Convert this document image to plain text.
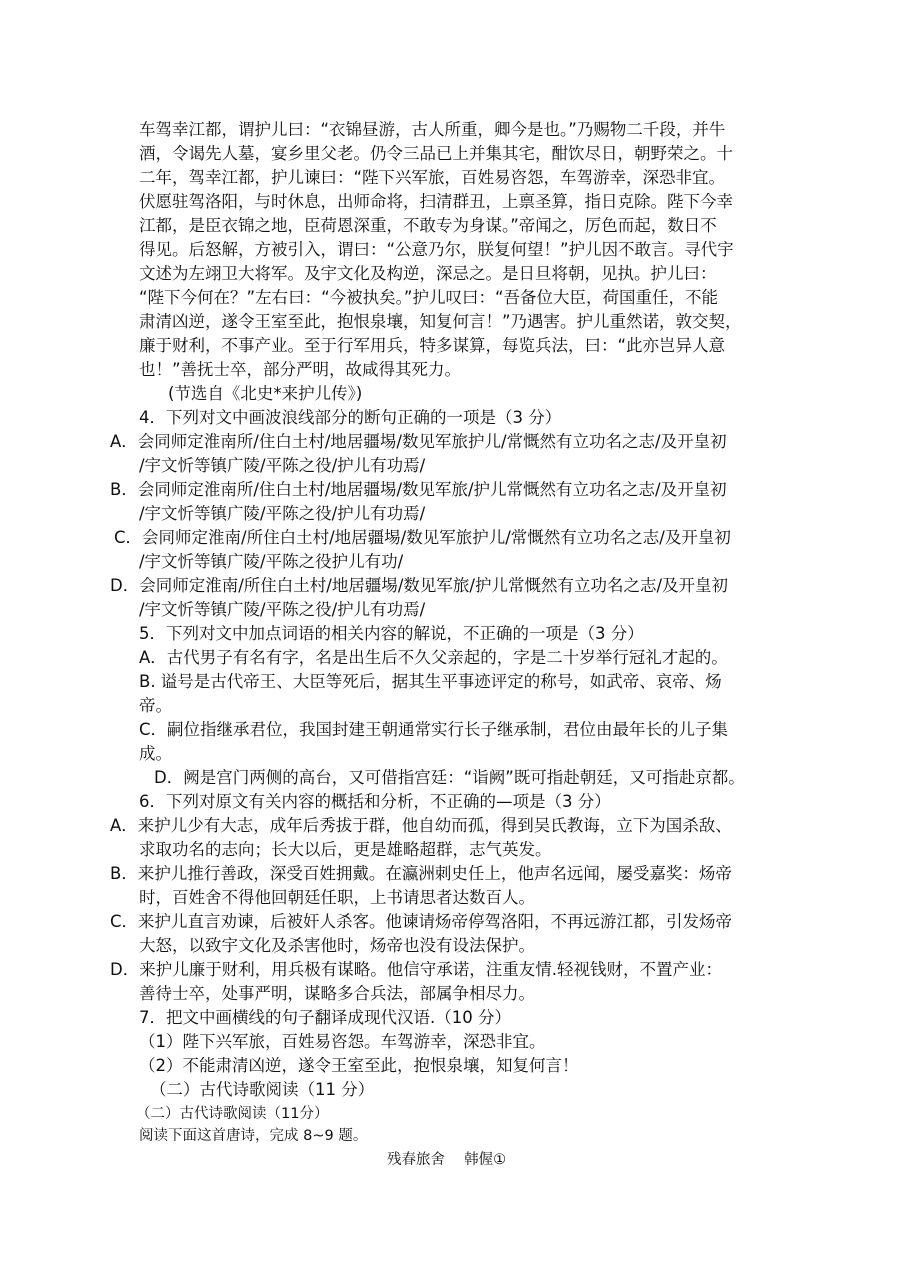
车驾幸江都，谓护儿曰：“衣锦昼游，古人所重，卿今是也。”乃赐物二千段，并牛
酒，令谒先人墓，宴乡里父老。仍令三品已上并集其宅，酣饮尽日，朝野荣之。十
二年，驾幸江都，护儿谏曰：“陛下兴军旅，百姓易咨怨，车驾游幸，深恐非宜。
伏愿驻驾洛阳，与时休息，出师命将，扫清群丑，上禀圣算，指日克除。陛下今幸
江都，是臣衣锦之地，臣荷恩深重，不敢专为身谋。”帝闻之，厉色而起，数日不
得见。后怒解，方被引入，谓曰：“公意乃尔，朕复何望！”护儿因不敢言。寻代宇
文述为左翊卫大将军。及宇文化及构逆，深忌之。是日旦将朝，见执。护儿曰：
“陛下今何在？”左右曰：“今被执矣。”护儿叹曰：“吾备位大臣，荷国重任，不能
肃清凶逆，遂令王室至此，抱恨泉壤，知复何言！”乃遇害。护儿重然诺，敦交契，
廉于财利，不事产业。至于行军用兵，特多谋算，每览兵法，曰：“此亦岂异人意
也！”善抚士卒，部分严明，故咸得其死力。
(节选自《北史*来护儿传》)
4．下列对文中画波浪线部分的断句正确的一项是（3 分）
A．会同师定淮南所/住白土村/地居疆埸/数见军旅护儿/常慨然有立功名之志/及开皇初
/宇文忻等镇广陵/平陈之役/护儿有功焉/
B．会同师定淮南所/住白土村/地居疆埸/数见军旅/护儿常慨然有立功名之志/及开皇初
/宇文忻等镇广陵/平陈之役/护儿有功焉/
C．会同师定淮南/所住白土村/地居疆埸/数见军旅护儿/常慨然有立功名之志/及开皇初
/宇文忻等镇广陵/平陈之役护儿有功/
D．会同师定淮南/所住白土村/地居疆埸/数见军旅/护儿常慨然有立功名之志/及开皇初
/宇文忻等镇广陵/平陈之役/护儿有功焉/
5．下列对文中加点词语的相关内容的解说，不正确的一项是（3 分）
A．古代男子有名有字，名是出生后不久父亲起的，字是二十岁举行冠礼才起的。
B. 谥号是古代帝王、大臣等死后，据其生平事迹评定的称号，如武帝、哀帝、炀
帝。
C．嗣位指继承君位，我国封建王朝通常实行长子继承制，君位由最年长的儿子集
成。
D．阙是宫门两侧的高台，又可借指宫廷：“诣阙”既可指赴朝廷，又可指赴京都。
6．下列对原文有关内容的概括和分析，不正确的—项是（3 分）
A．来护儿少有大志，成年后秀拔于群，他自幼而孤，得到吴氏教诲，立下为国杀敌、
求取功名的志向；长大以后，更是雄略超群，志气英发。
B．来护儿推行善政，深受百姓拥戴。在瀛洲刺史任上，他声名远闻，屡受嘉奖：炀帝
时，百姓舍不得他回朝廷任职，上书请思者达数百人。
C．来护儿直言劝谏，后被奸人杀客。他谏请炀帝停驾洛阳，不再远游江都，引发炀帝
大怒，以致宇文化及杀害他时，炀帝也没有设法保护。
D．来护儿廉于财利，用兵极有谋略。他信守承诺，注重友情.轻视钱财，不置产业：
善待士卒，处事严明，谋略多合兵法，部属争相尽力。
7．把文中画横线的句子翻译成现代汉语.（10 分）
（1）陛下兴军旅，百姓易咨怨。车驾游幸，深恐非宜。
（2）不能肃清凶逆，遂令王室至此，抱恨泉壤，知复何言！
（二）古代诗歌阅读（11 分）
（二）古代诗歌阅读（11分）
阅读下面这首唐诗，完成 8~9 题。
残春旅舍　 韩偓①
